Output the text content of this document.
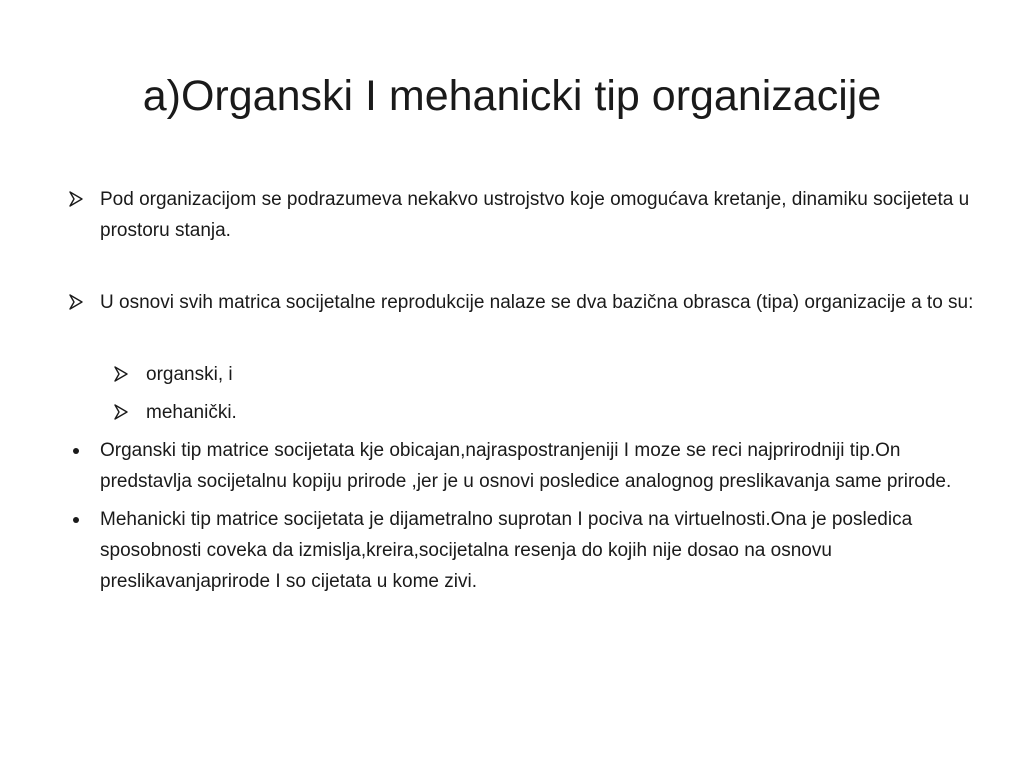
a)Organski I mehanicki tip organizacije
Pod organizacijom se podrazumeva nekakvo ustrojstvo koje omogućava kretanje, dinamiku socijeteta u prostoru stanja.
U osnovi svih matrica socijetalne reprodukcije nalaze se dva bazična obrasca (tipa) organizacije a to su:
organski, i
mehanički.
Organski tip matrice socijetata kje obicajan,najraspostranjeniji I moze se reci najprirodniji tip.On predstavlja socijetalnu kopiju prirode ,jer je u osnovi posledice analognog preslikavanja same prirode.
Mehanicki tip matrice socijetata je dijametralno suprotan I pociva na virtuelnosti.Ona je posledica sposobnosti coveka da izmislja,kreira,socijetalna resenja do kojih nije dosao na osnovu preslikavanjaprirode I so cijetata u kome zivi.
